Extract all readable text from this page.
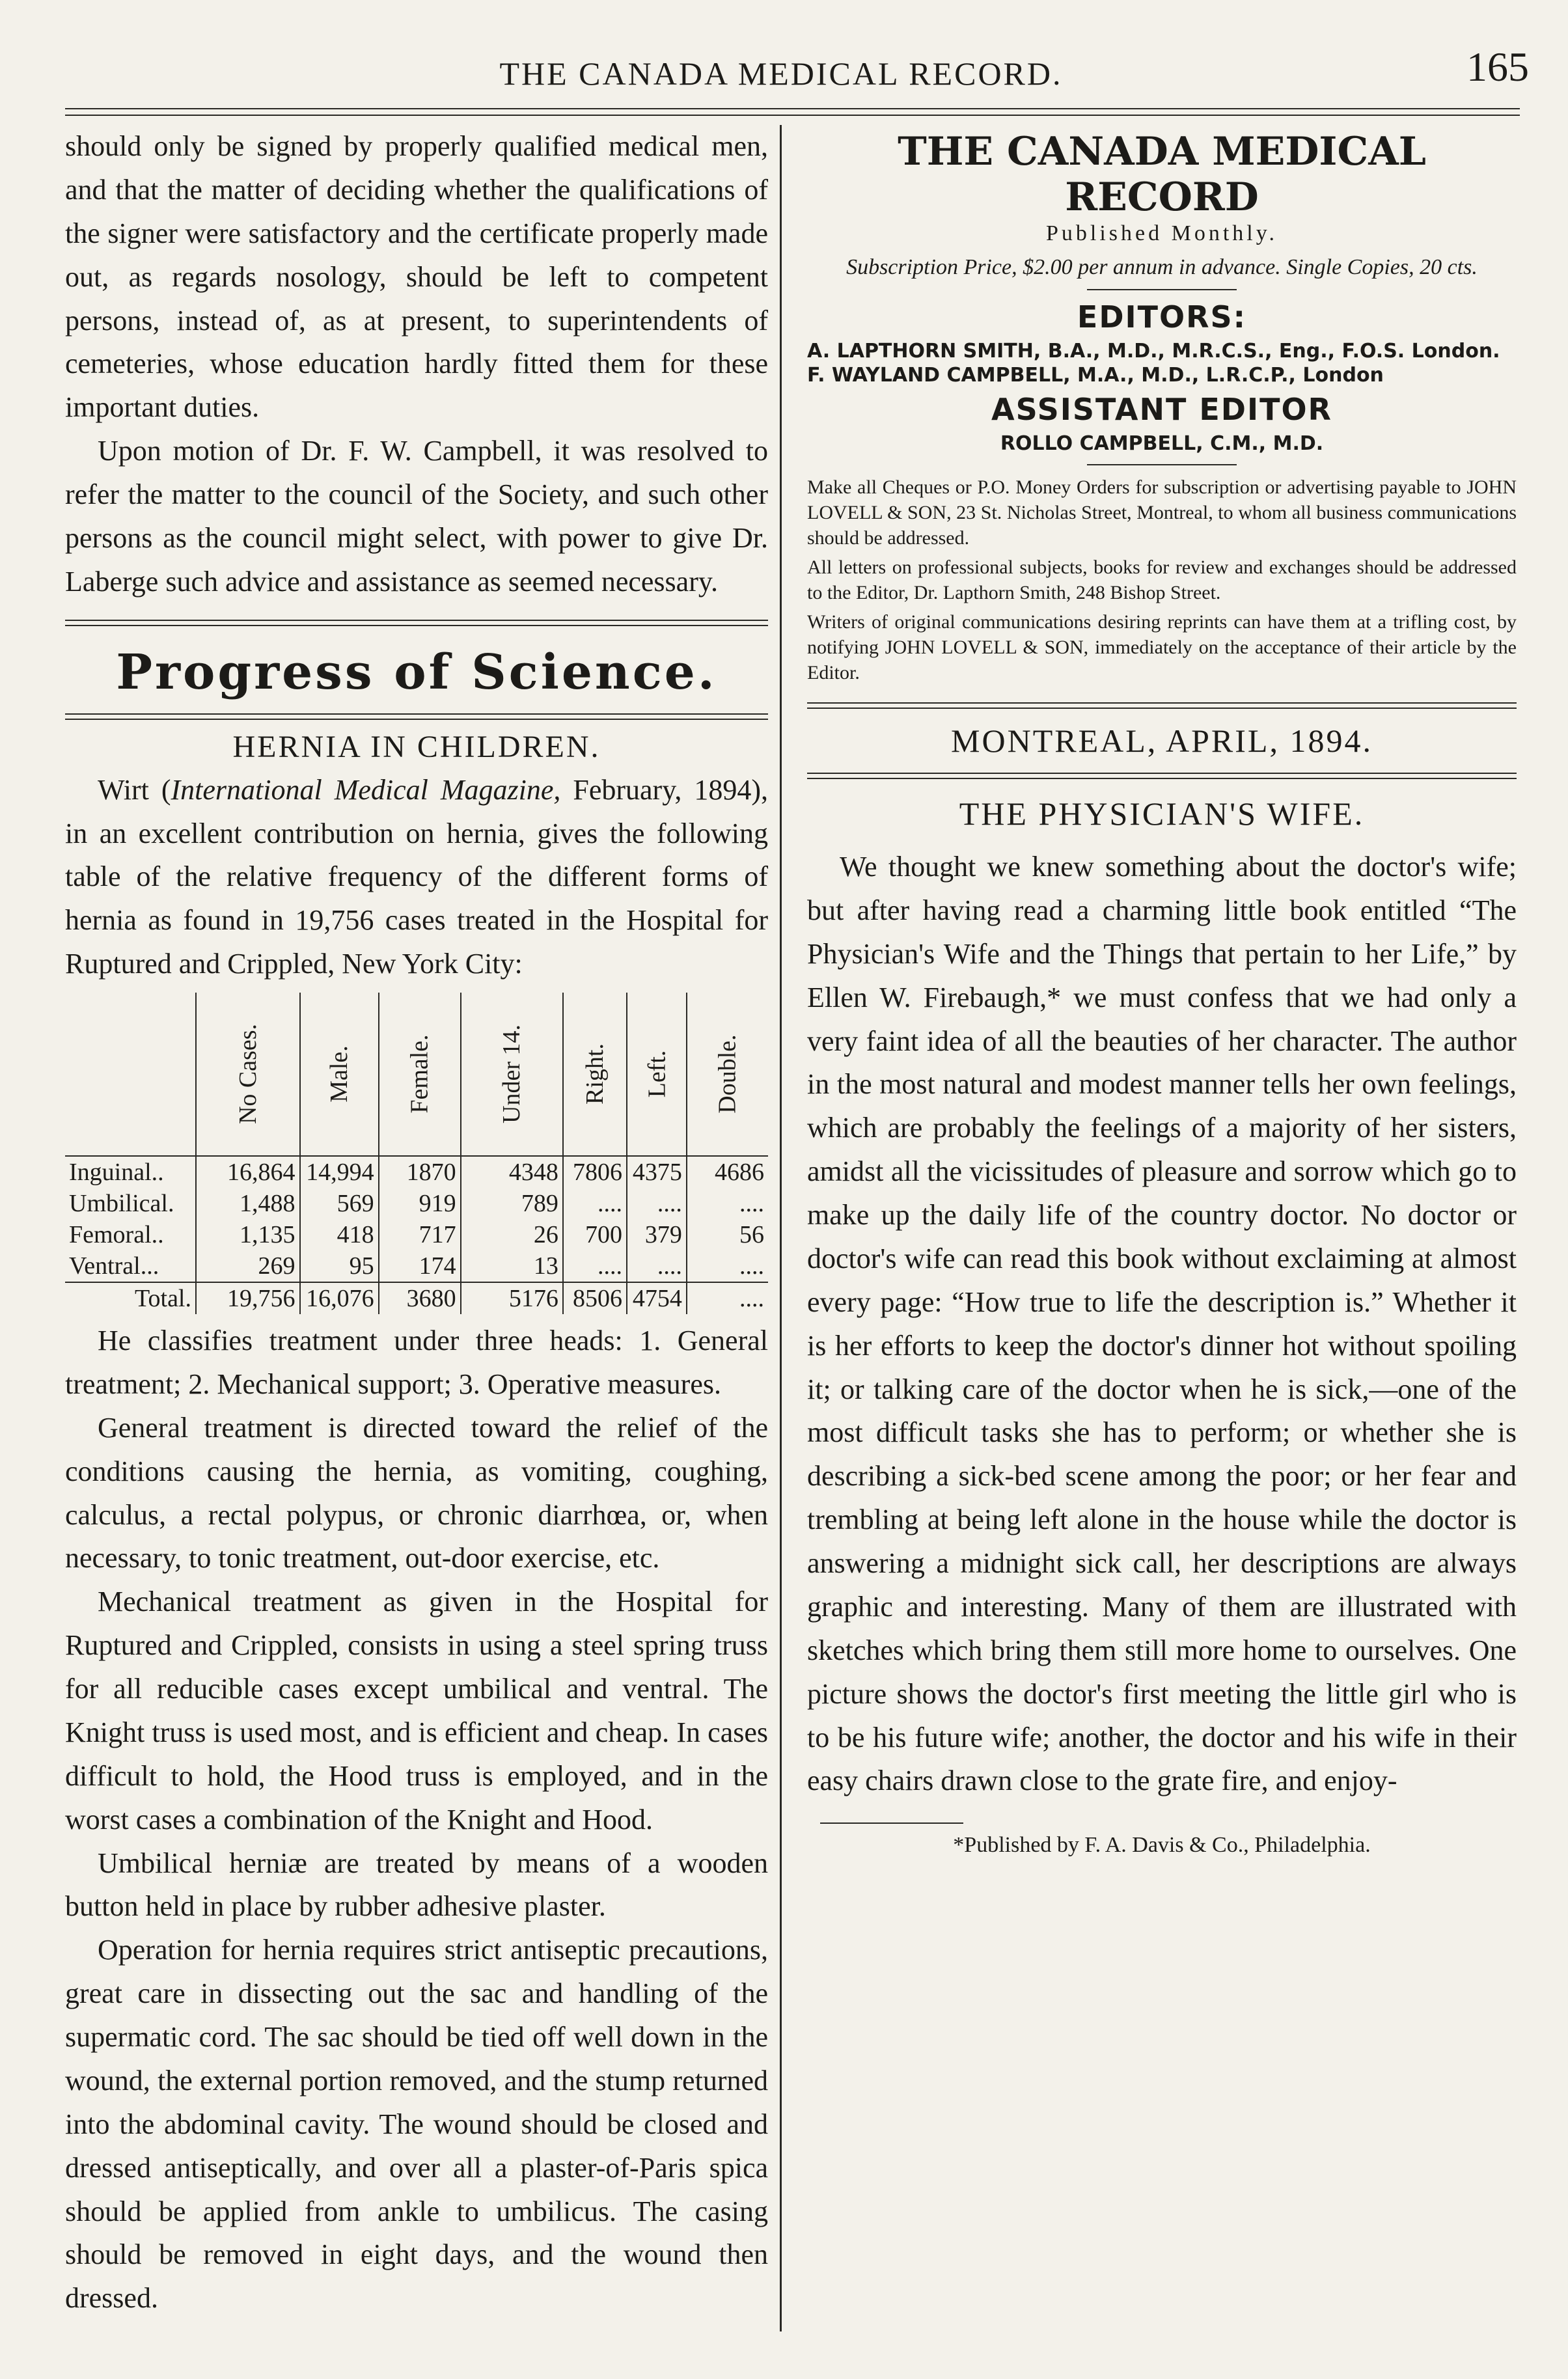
THE CANADA MEDICAL RECORD.	165

should only be signed by properly qualified medical men, and that the matter of deciding whether the qualifications of the signer were satisfactory and the certificate properly made out, as regards nosology, should be left to competent persons, instead of, as at present, to superintendents of cemeteries, whose education hardly fitted them for these important duties.

Upon motion of Dr. F. W. Campbell, it was resolved to refer the matter to the council of the Society, and such other persons as the council might select, with power to give Dr. Laberge such advice and assistance as seemed necessary.

Progress of Science.
HERNIA IN CHILDREN.

Wirt (International Medical Magazine, February, 1894), in an excellent contribution on hernia, gives the following table of the relative frequency of the different forms of hernia as found in 19,756 cases treated in the Hospital for Ruptured and Crippled, New York City:

	No Cases.	Male.	Female.	Under 14.	Right.	Left.	Double.
Inguinal..	16,864	14,994	1870	4348	7806	4375	4686
Umbilical.	1,488	569	919	789	....	....	....
Femoral..	1,135	418	717	26	700	379	56
Ventral...	269	95	174	13	....	....	....
Total.	19,756	16,076	3680	5176	8506	4754	....

He classifies treatment under three heads: 1. General treatment; 2. Mechanical support; 3. Operative measures.

General treatment is directed toward the relief of the conditions causing the hernia, as vomiting, coughing, calculus, a rectal polypus, or chronic diarrhœa, or, when necessary, to tonic treatment, out-door exercise, etc.

Mechanical treatment as given in the Hospital for Ruptured and Crippled, consists in using a steel spring truss for all reducible cases except umbilical and ventral. The Knight truss is used most, and is efficient and cheap. In cases difficult to hold, the Hood truss is employed, and in the worst cases a combination of the Knight and Hood.

Umbilical herniæ are treated by means of a wooden button held in place by rubber adhesive plaster.

Operation for hernia requires strict antiseptic precautions, great care in dissecting out the sac and handling of the supermatic cord. The sac should be tied off well down in the wound, the external portion removed, and the stump returned into the abdominal cavity. The wound should be closed and dressed antiseptically, and over all a plaster-of-Paris spica should be applied from ankle to umbilicus. The casing should be removed in eight days, and the wound then dressed.

THE CANADA MEDICAL RECORD
Published Monthly.
Subscription Price, $2.00 per annum in advance. Single Copies, 20 cts.
EDITORS:
A. LAPTHORN SMITH, B.A., M.D., M.R.C.S., Eng., F.O.S. London.
F. WAYLAND CAMPBELL, M.A., M.D., L.R.C.P., London
ASSISTANT EDITOR
ROLLO CAMPBELL, C.M., M.D.

Make all Cheques or P.O. Money Orders for subscription or advertising payable to JOHN LOVELL & SON, 23 St. Nicholas Street, Montreal, to whom all business communications should be addressed.

All letters on professional subjects, books for review and exchanges should be addressed to the Editor, Dr. Lapthorn Smith, 248 Bishop Street.

Writers of original communications desiring reprints can have them at a trifling cost, by notifying JOHN LOVELL & SON, immediately on the acceptance of their article by the Editor.

MONTREAL, APRIL, 1894.
THE PHYSICIAN'S WIFE.

We thought we knew something about the doctor's wife; but after having read a charming little book entitled “The Physician's Wife and the Things that pertain to her Life,” by Ellen W. Firebaugh,* we must confess that we had only a very faint idea of all the beauties of her character. The author in the most natural and modest manner tells her own feelings, which are probably the feelings of a majority of her sisters, amidst all the vicissitudes of pleasure and sorrow which go to make up the daily life of the country doctor. No doctor or doctor's wife can read this book without exclaiming at almost every page: “How true to life the description is.” Whether it is her efforts to keep the doctor's dinner hot without spoiling it; or talking care of the doctor when he is sick,—one of the most difficult tasks she has to perform; or whether she is describing a sick-bed scene among the poor; or her fear and trembling at being left alone in the house while the doctor is answering a midnight sick call, her descriptions are always graphic and interesting. Many of them are illustrated with sketches which bring them still more home to ourselves. One picture shows the doctor's first meeting the little girl who is to be his future wife; another, the doctor and his wife in their easy chairs drawn close to the grate fire, and enjoy-

*Published by F. A. Davis & Co., Philadelphia.
